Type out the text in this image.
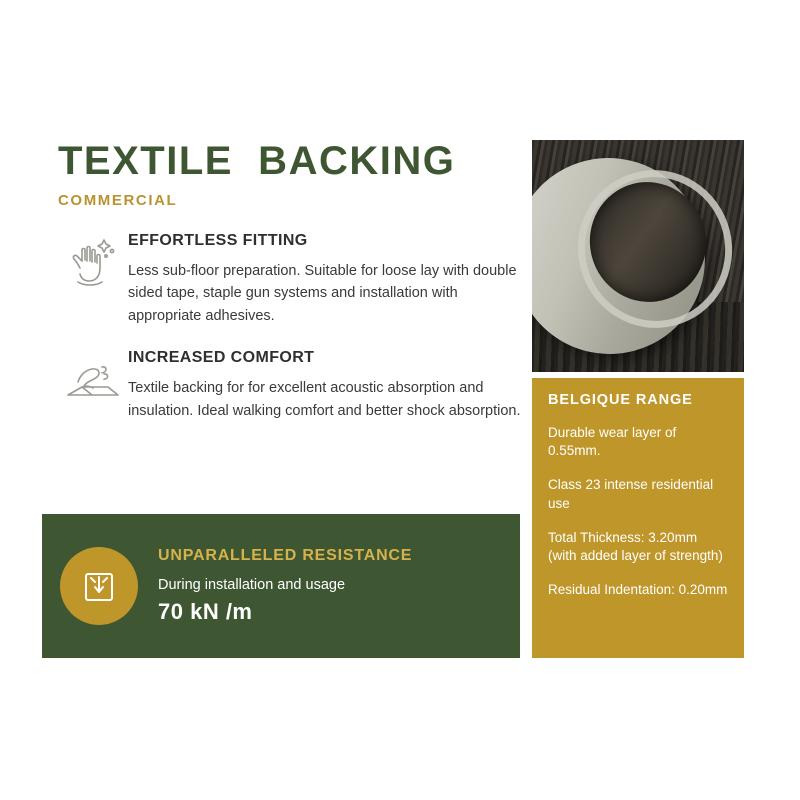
TEXTILE  BACKING
COMMERCIAL
EFFORTLESS FITTING

Less sub-floor preparation. Suitable for loose lay with double sided tape, staple gun systems and installation with appropriate adhesives.

INCREASED COMFORT

Textile backing for for excellent acoustic absorption and insulation. Ideal walking comfort and better shock absorption.

BELGIQUE RANGE

Durable wear layer of 0.55mm.

Class 23 intense residential use

Total Thickness: 3.20mm (with added layer of strength)

Residual Indentation: 0.20mm

UNPARALLELED RESISTANCE

During installation and usage

70 kN /m
